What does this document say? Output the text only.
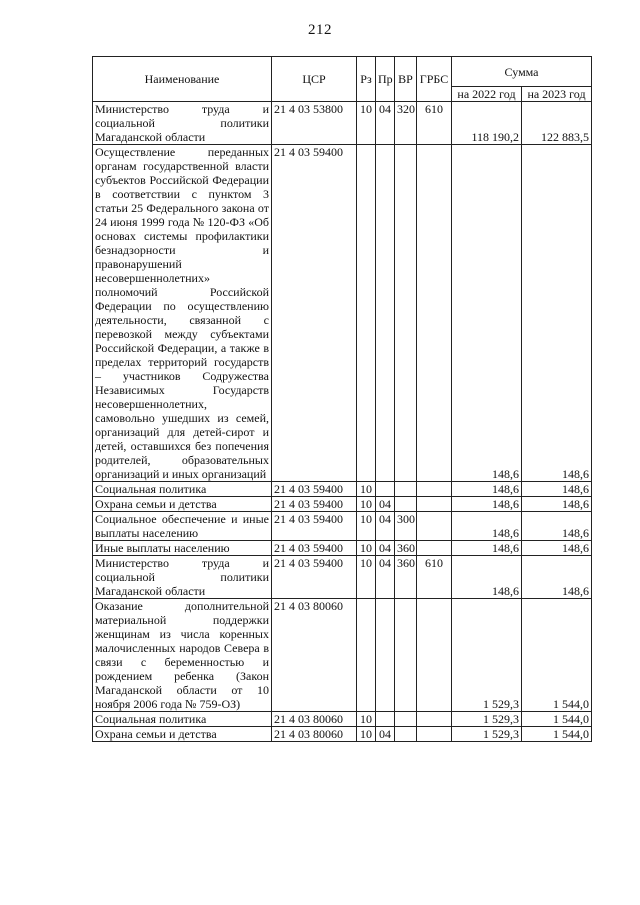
212
Наименование	ЦСР	Рз	Пр	ВР	ГРБС	Сумма	
						на 2022 год	на 2023 год
Министерство труда и социальной политики Магаданской области	21 4 03 53800	10	04	320	610	118 190,2	122 883,5
Осуществление переданных органам государственной власти субъектов Российской Федерации в соответствии с пунктом 3 статьи 25 Федерального закона от 24 июня 1999 года № 120-ФЗ «Об основах системы профилактики безнадзорности и правонарушений несовершеннолетних» полномочий Российской Федерации по осуществлению деятельности, связанной с перевозкой между субъектами Российской Федерации, а также в пределах территорий государств – участников Содружества Независимых Государств несовершеннолетних, самовольно ушедших из семей, организаций для детей-сирот и детей, оставшихся без попечения родителей, образовательных организаций и иных организаций	21 4 03 59400					148,6	148,6
Социальная политика	21 4 03 59400	10				148,6	148,6
Охрана семьи и детства	21 4 03 59400	10	04			148,6	148,6
Социальное обеспечение и иные выплаты населению	21 4 03 59400	10	04	300		148,6	148,6
Иные выплаты населению	21 4 03 59400	10	04	360		148,6	148,6
Министерство труда и социальной политики Магаданской области	21 4 03 59400	10	04	360	610	148,6	148,6
Оказание дополнительной материальной поддержки женщинам из числа коренных малочисленных народов Севера в связи с беременностью и рождением ребенка (Закон Магаданской области от 10 ноября 2006 года № 759-ОЗ)	21 4 03 80060					1 529,3	1 544,0
Социальная политика	21 4 03 80060	10				1 529,3	1 544,0
Охрана семьи и детства	21 4 03 80060	10	04			1 529,3	1 544,0
